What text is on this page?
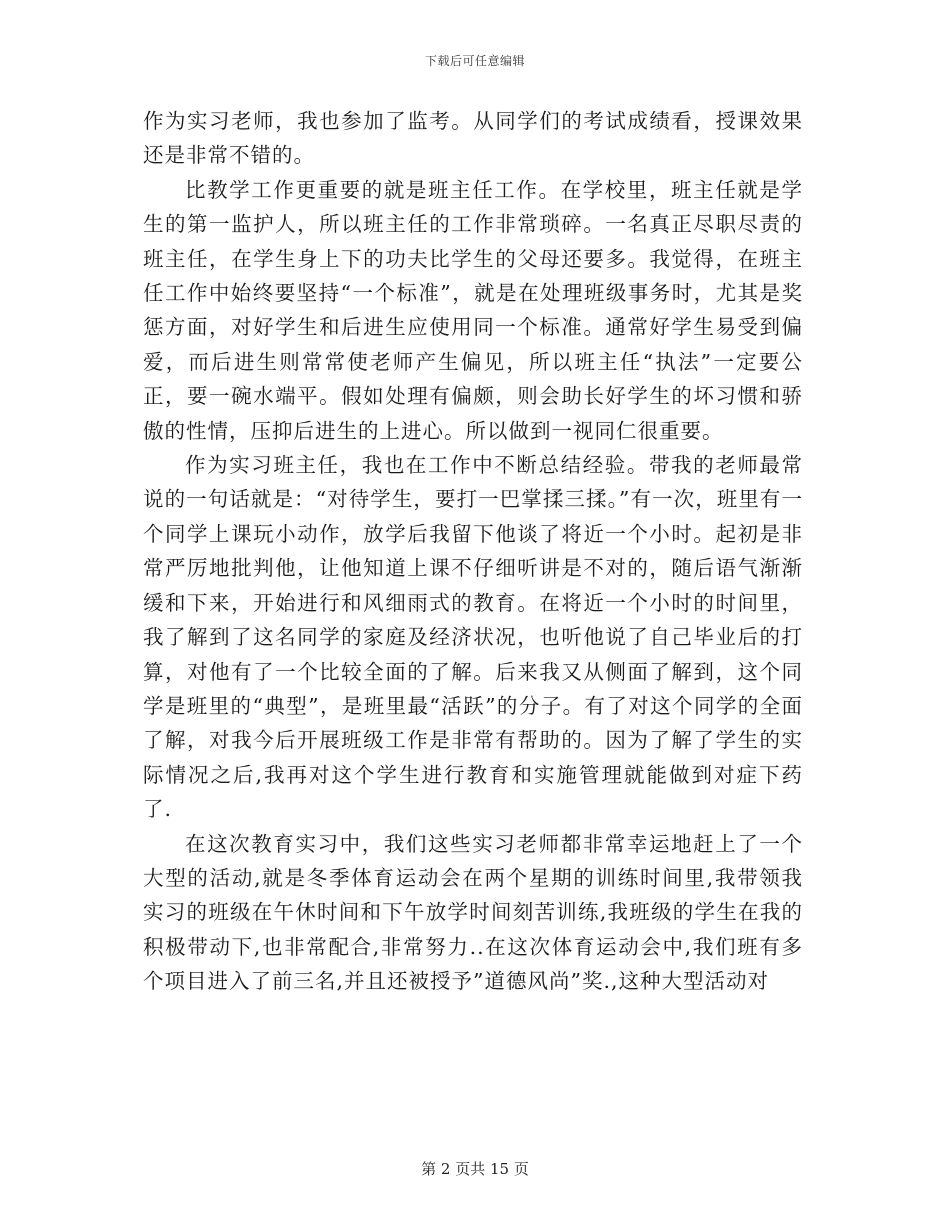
下载后可任意编辑

作为实习老师，我也参加了监考。从同学们的考试成绩看，授课效果还是非常不错的。

比教学工作更重要的就是班主任工作。在学校里，班主任就是学生的第一监护人，所以班主任的工作非常琐碎。一名真正尽职尽责的班主任，在学生身上下的功夫比学生的父母还要多。我觉得，在班主任工作中始终要坚持“一个标准”，就是在处理班级事务时，尤其是奖惩方面，对好学生和后进生应使用同一个标准。通常好学生易受到偏爱，而后进生则常常使老师产生偏见，所以班主任“执法”一定要公正，要一碗水端平。假如处理有偏颇，则会助长好学生的坏习惯和骄傲的性情，压抑后进生的上进心。所以做到一视同仁很重要。

作为实习班主任，我也在工作中不断总结经验。带我的老师最常说的一句话就是：“对待学生，要打一巴掌揉三揉。”有一次，班里有一个同学上课玩小动作，放学后我留下他谈了将近一个小时。起初是非常严厉地批判他，让他知道上课不仔细听讲是不对的，随后语气渐渐缓和下来，开始进行和风细雨式的教育。在将近一个小时的时间里，我了解到了这名同学的家庭及经济状况，也听他说了自己毕业后的打算，对他有了一个比较全面的了解。后来我又从侧面了解到，这个同学是班里的“典型”，是班里最“活跃”的分子。有了对这个同学的全面了解，对我今后开展班级工作是非常有帮助的。因为了解了学生的实际情况之后,我再对这个学生进行教育和实施管理就能做到对症下药了.

在这次教育实习中，我们这些实习老师都非常幸运地赶上了一个大型的活动,就是冬季体育运动会在两个星期的训练时间里,我带领我实习的班级在午休时间和下午放学时间刻苦训练,我班级的学生在我的积极带动下,也非常配合,非常努力..在这次体育运动会中,我们班有多个项目进入了前三名,并且还被授予”道德风尚”奖.,这种大型活动对

第 2 页共 15 页
